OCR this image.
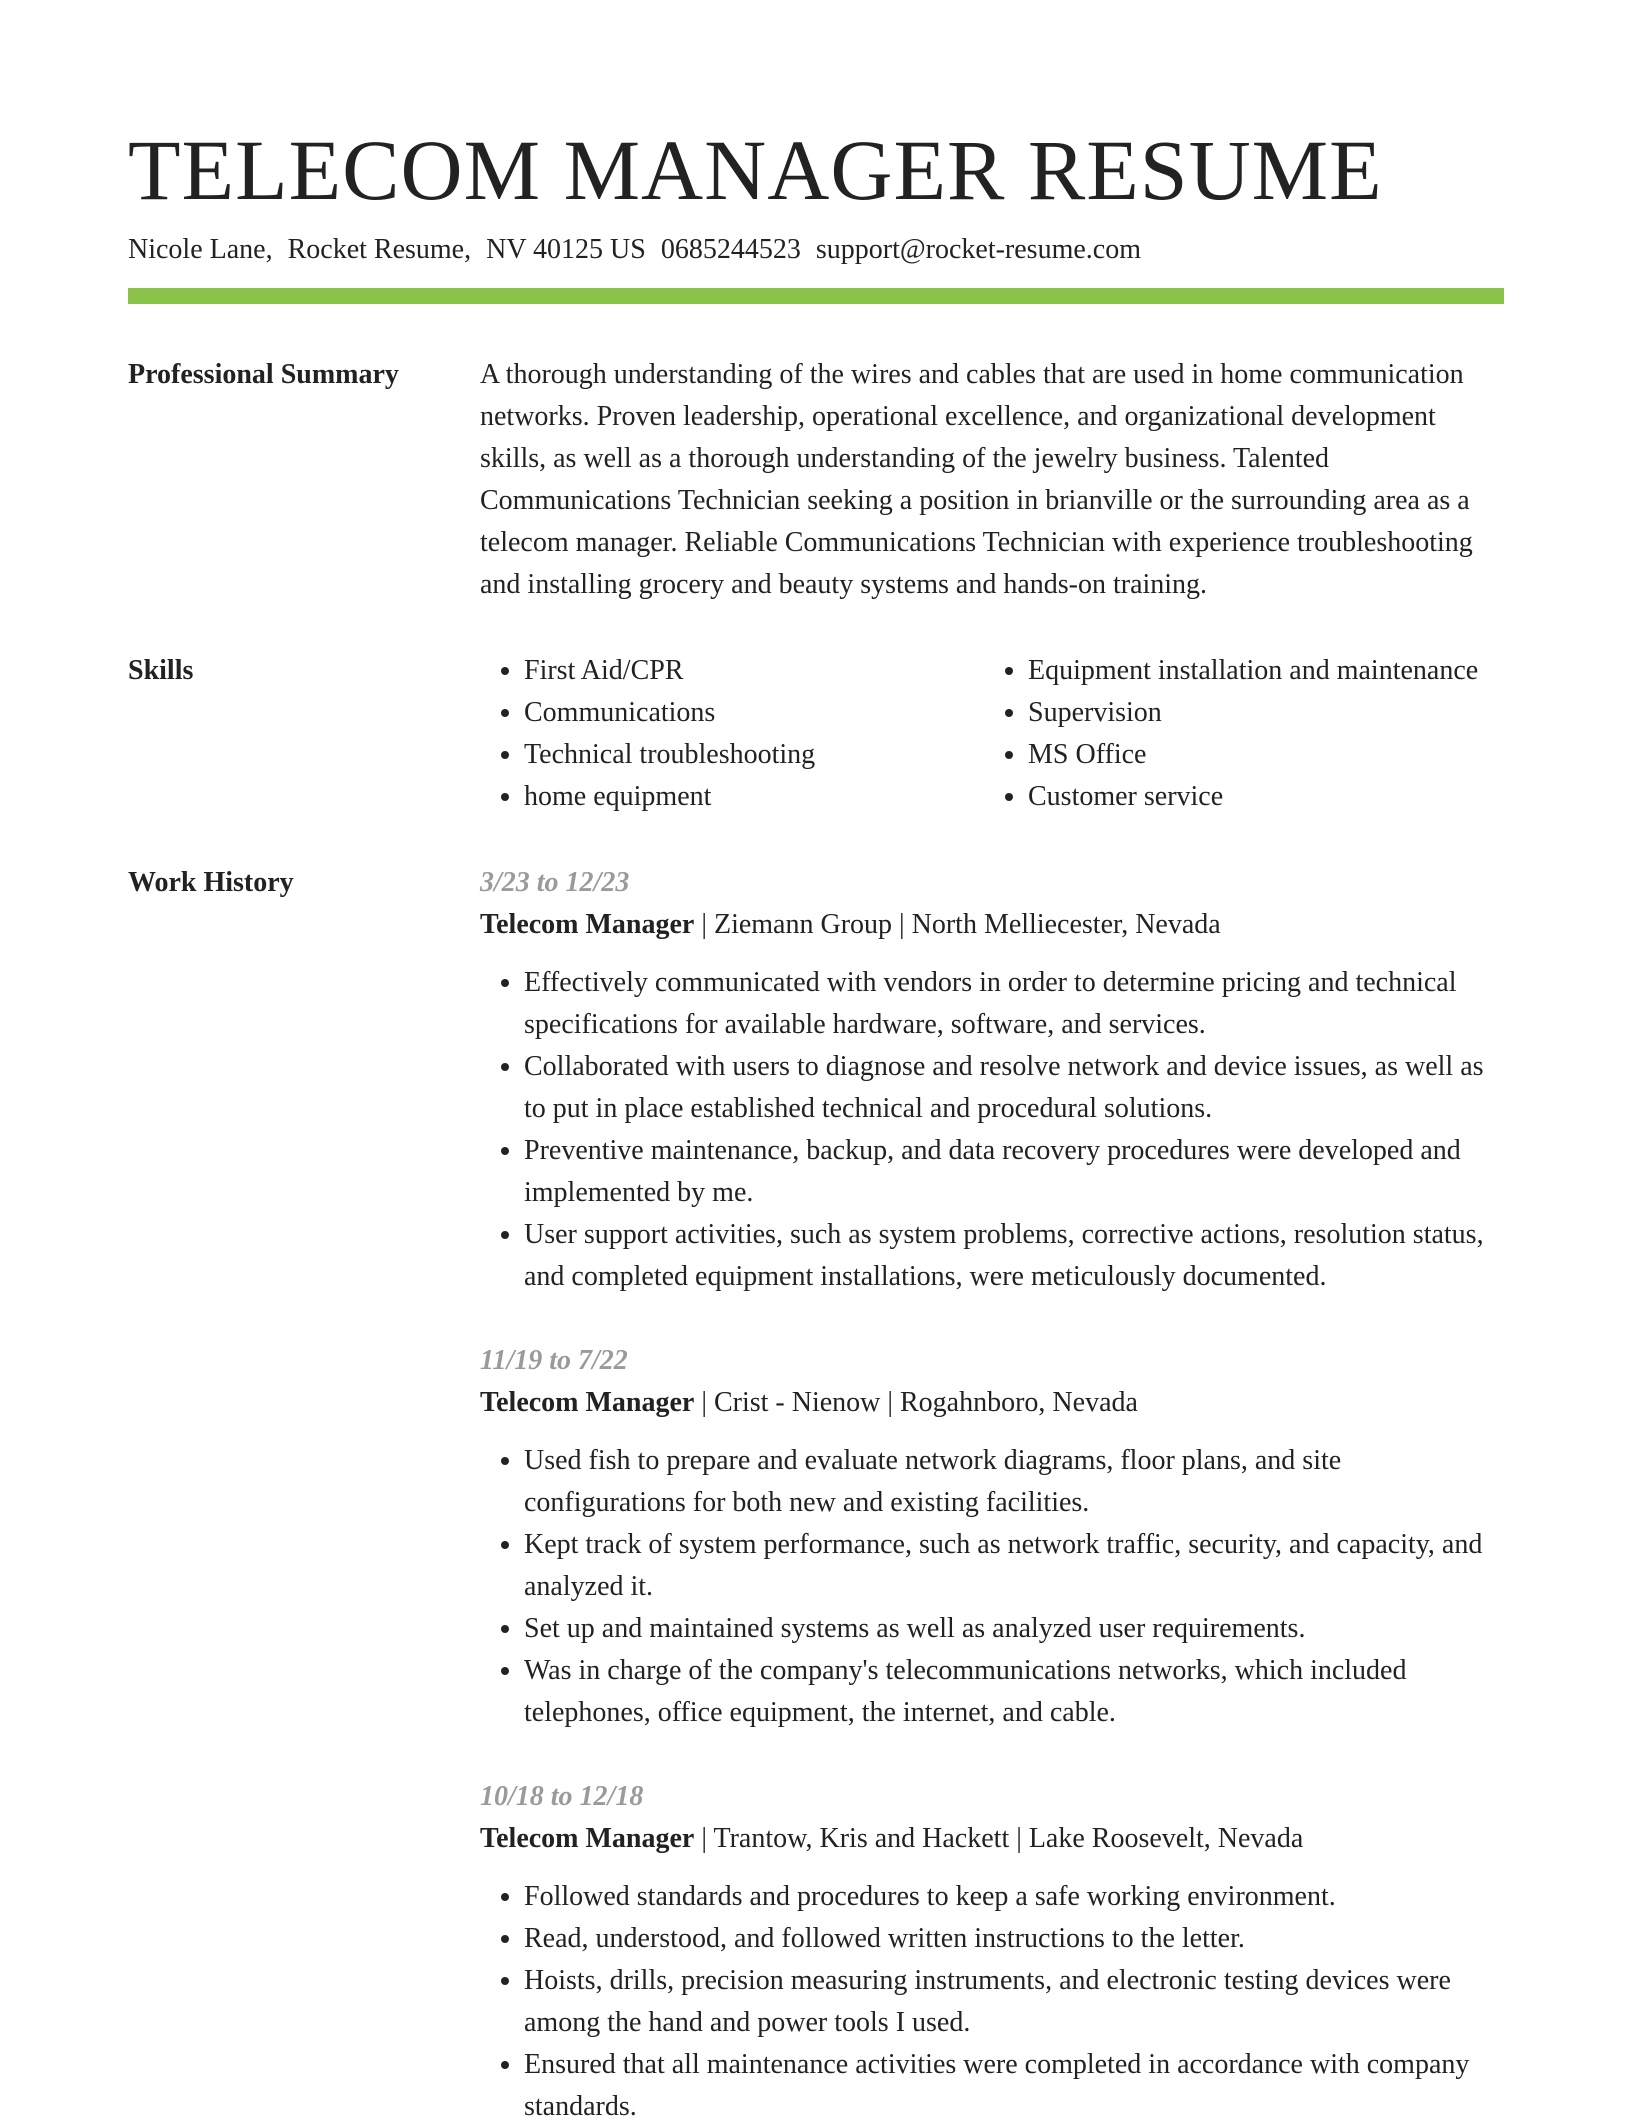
TELECOM MANAGER RESUME
Nicole Lane, Rocket Resume, NV 40125 US 0685244523 support@rocket-resume.com
Professional Summary	A thorough understanding of the wires and cables that are used in home communication networks. Proven leadership, operational excellence, and organizational development skills, as well as a thorough understanding of the jewelry business. Talented Communications Technician seeking a position in brianville or the surrounding area as a telecom manager. Reliable Communications Technician with experience troubleshooting and installing grocery and beauty systems and hands-on training.

Skills
•	First Aid/CPR
• Communications
• Technical troubleshooting
• home equipment
• Equipment installation and maintenance
• Supervision
• MS Office
• Customer service
Work History	3/23 to 12/23
Telecom Manager | Ziemann Group | North Melliecester, Nevada
• Effectively communicated with vendors in order to determine pricing and technical specifications for available hardware, software, and services.
• Collaborated with users to diagnose and resolve network and device issues, as well as to put in place established technical and procedural solutions.
• Preventive maintenance, backup, and data recovery procedures were developed and implemented by me.
• User support activities, such as system problems, corrective actions, resolution status, and completed equipment installations, were meticulously documented.
11/19 to 7/22
Telecom Manager | Crist - Nienow | Rogahnboro, Nevada
• Used fish to prepare and evaluate network diagrams, floor plans, and site configurations for both new and existing facilities.
• Kept track of system performance, such as network traffic, security, and capacity, and analyzed it.
• Set up and maintained systems as well as analyzed user requirements.
• Was in charge of the company's telecommunications networks, which included telephones, office equipment, the internet, and cable.
10/18 to 12/18
Telecom Manager | Trantow, Kris and Hackett | Lake Roosevelt, Nevada
• Followed standards and procedures to keep a safe working environment.
• Read, understood, and followed written instructions to the letter.
• Hoists, drills, precision measuring instruments, and electronic testing devices were among the hand and power tools I used.
• Ensured that all maintenance activities were completed in accordance with company standards.
